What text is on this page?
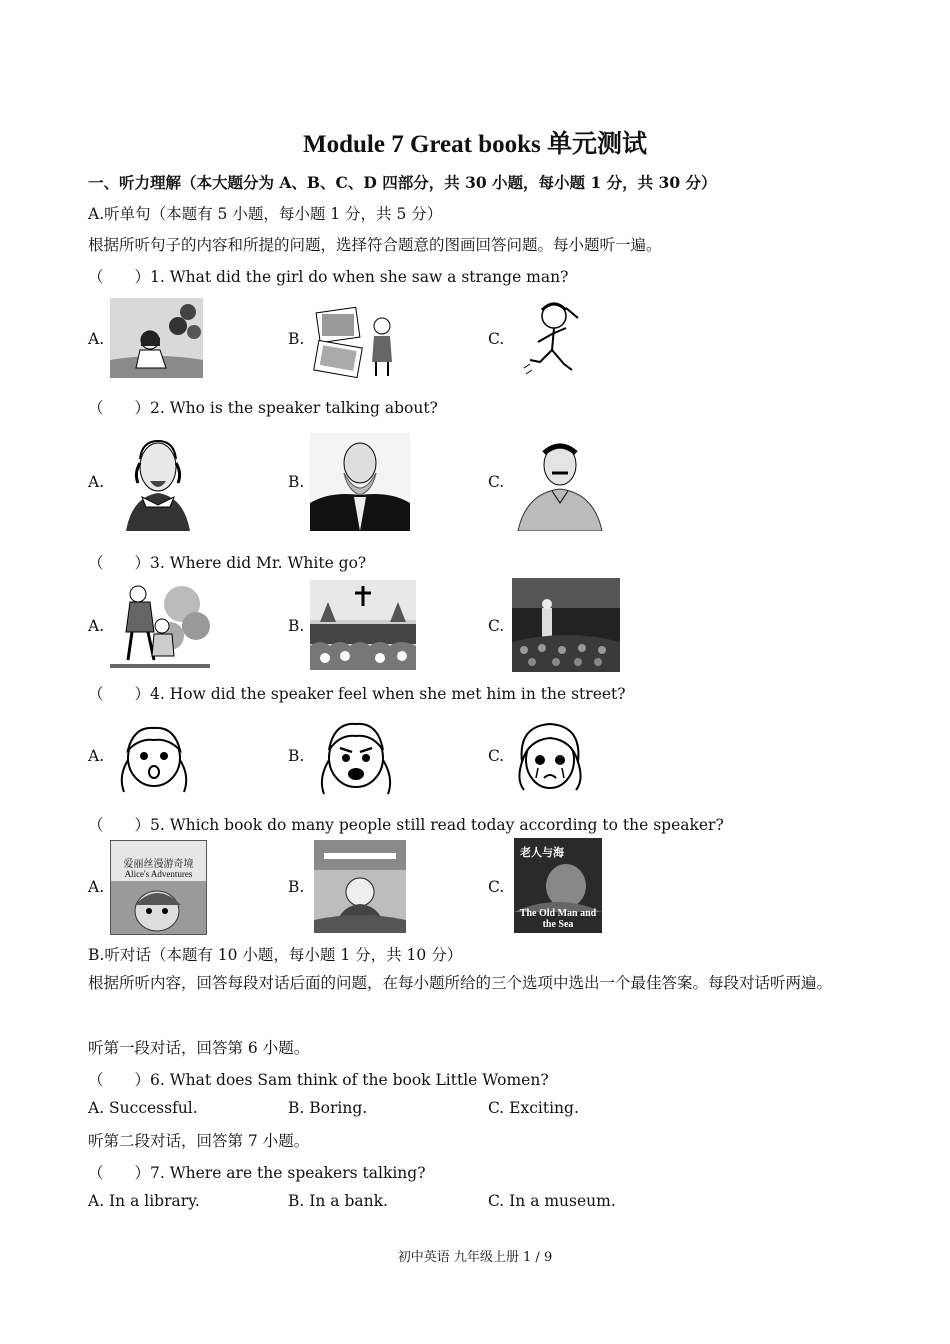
Module 7 Great books 单元测试
一、听力理解（本大题分为 A、B、C、D 四部分，共 30 小题，每小题 1 分，共 30 分）
A.听单句（本题有 5 小题，每小题 1 分，共 5 分）
根据所听句子的内容和所提的问题，选择符合题意的图画回答问题。每小题听一遍。
（　　）1. What did the girl do when she saw a strange man?
A.	B.	C.
（　　）2. Who is the speaker talking about?
A.	B.	C.
（　　）3. Where did Mr. White go?
A.	B.	C.
（　　）4. How did the speaker feel when she met him in the street?
A.	B.	C.
（　　）5. Which book do many people still read today according to the speaker?
A.	B.	C.
爱丽丝漫游奇境
Alice's Adventures
老人与海
The Old Man and the Sea
B.听对话（本题有 10 小题，每小题 1 分，共 10 分）
根据所听内容，回答每段对话后面的问题，在每小题所给的三个选项中选出一个最佳答案。每段对话听两遍。
听第一段对话，回答第 6 小题。
（　　）6. What does Sam think of the book Little Women?
A. Successful.	B. Boring.	C. Exciting.
听第二段对话，回答第 7 小题。
（　　）7. Where are the speakers talking?
A. In a library.	B. In a bank.	C. In a museum.
初中英语 九年级上册 1 / 9
